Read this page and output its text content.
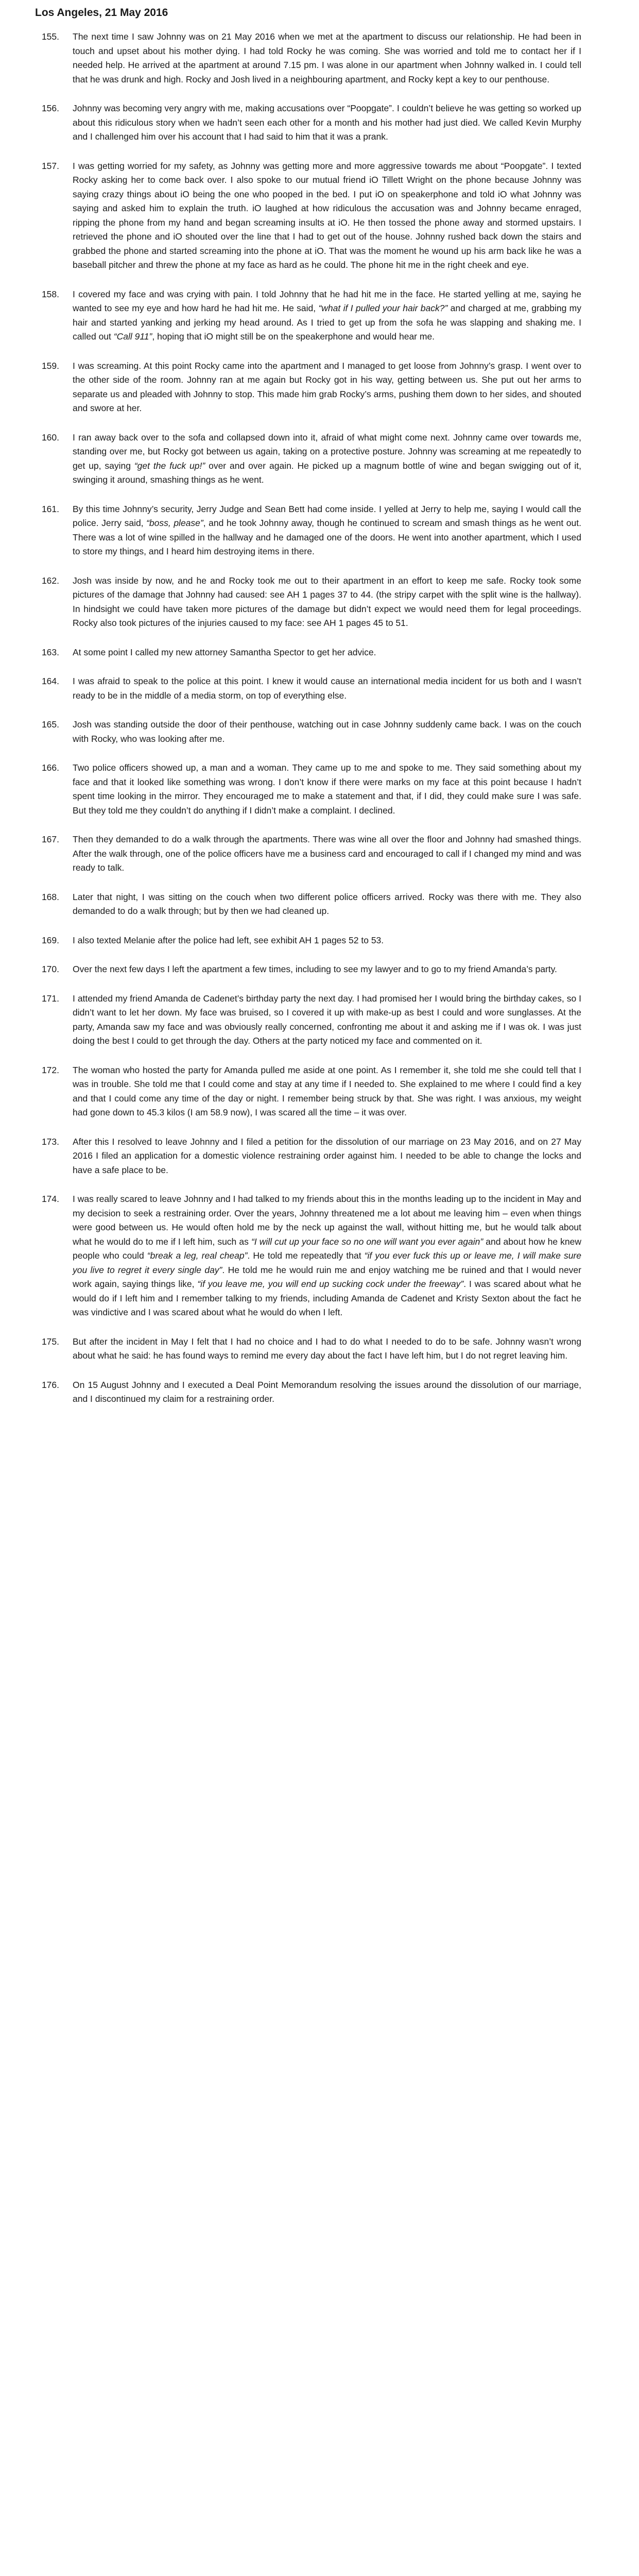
Los Angeles, 21 May 2016
155.	The next time I saw Johnny was on 21 May 2016 when we met at the apartment to discuss our relationship. He had been in touch and upset about his mother dying. I had told Rocky he was coming. She was worried and told me to contact her if I needed help. He arrived at the apartment at around 7.15 pm. I was alone in our apartment when Johnny walked in. I could tell that he was drunk and high. Rocky and Josh lived in a neighbouring apartment, and Rocky kept a key to our penthouse.
156.	Johnny was becoming very angry with me, making accusations over “Poopgate”. I couldn’t believe he was getting so worked up about this ridiculous story when we hadn’t seen each other for a month and his mother had just died. We called Kevin Murphy and I challenged him over his account that I had said to him that it was a prank.
157.	I was getting worried for my safety, as Johnny was getting more and more aggressive towards me about “Poopgate”. I texted Rocky asking her to come back over. I also spoke to our mutual friend iO Tillett Wright on the phone because Johnny was saying crazy things about iO being the one who pooped in the bed. I put iO on speakerphone and told iO what Johnny was saying and asked him to explain the truth. iO laughed at how ridiculous the accusation was and Johnny became enraged, ripping the phone from my hand and began screaming insults at iO. He then tossed the phone away and stormed upstairs. I retrieved the phone and iO shouted over the line that I had to get out of the house. Johnny rushed back down the stairs and grabbed the phone and started screaming into the phone at iO. That was the moment he wound up his arm back like he was a baseball pitcher and threw the phone at my face as hard as he could. The phone hit me in the right cheek and eye.
158.	I covered my face and was crying with pain. I told Johnny that he had hit me in the face. He started yelling at me, saying he wanted to see my eye and how hard he had hit me. He said, “what if I pulled your hair back?” and charged at me, grabbing my hair and started yanking and jerking my head around. As I tried to get up from the sofa he was slapping and shaking me. I called out “Call 911”, hoping that iO might still be on the speakerphone and would hear me.
159.	I was screaming. At this point Rocky came into the apartment and I managed to get loose from Johnny’s grasp. I went over to the other side of the room. Johnny ran at me again but Rocky got in his way, getting between us. She put out her arms to separate us and pleaded with Johnny to stop. This made him grab Rocky’s arms, pushing them down to her sides, and shouted and swore at her.
160.	I ran away back over to the sofa and collapsed down into it, afraid of what might come next. Johnny came over towards me, standing over me, but Rocky got between us again, taking on a protective posture. Johnny was screaming at me repeatedly to get up, saying “get the fuck up!” over and over again. He picked up a magnum bottle of wine and began swigging out of it, swinging it around, smashing things as he went.
161.	By this time Johnny’s security, Jerry Judge and Sean Bett had come inside. I yelled at Jerry to help me, saying I would call the police. Jerry said, “boss, please”, and he took Johnny away, though he continued to scream and smash things as he went out. There was a lot of wine spilled in the hallway and he damaged one of the doors. He went into another apartment, which I used to store my things, and I heard him destroying items in there.
162.	Josh was inside by now, and he and Rocky took me out to their apartment in an effort to keep me safe. Rocky took some pictures of the damage that Johnny had caused: see AH 1 pages 37 to 44. (the stripy carpet with the split wine is the hallway). In hindsight we could have taken more pictures of the damage but didn’t expect we would need them for legal proceedings. Rocky also took pictures of the injuries caused to my face: see AH 1 pages 45 to 51.
163.	At some point I called my new attorney Samantha Spector to get her advice.
164.	I was afraid to speak to the police at this point. I knew it would cause an international media incident for us both and I wasn’t ready to be in the middle of a media storm, on top of everything else.
165.	Josh was standing outside the door of their penthouse, watching out in case Johnny suddenly came back. I was on the couch with Rocky, who was looking after me.
166.	Two police officers showed up, a man and a woman. They came up to me and spoke to me. They said something about my face and that it looked like something was wrong. I don’t know if there were marks on my face at this point because I hadn’t spent time looking in the mirror. They encouraged me to make a statement and that, if I did, they could make sure I was safe. But they told me they couldn’t do anything if I didn’t make a complaint. I declined.
167.	Then they demanded to do a walk through the apartments. There was wine all over the floor and Johnny had smashed things. After the walk through, one of the police officers have me a business card and encouraged to call if I changed my mind and was ready to talk.
168.	Later that night, I was sitting on the couch when two different police officers arrived. Rocky was there with me. They also demanded to do a walk through; but by then we had cleaned up.
169.	I also texted Melanie after the police had left, see exhibit AH 1 pages 52 to 53.
170.	Over the next few days I left the apartment a few times, including to see my lawyer and to go to my friend Amanda’s party.
171.	I attended my friend Amanda de Cadenet’s birthday party the next day. I had promised her I would bring the birthday cakes, so I didn’t want to let her down. My face was bruised, so I covered it up with make-up as best I could and wore sunglasses. At the party, Amanda saw my face and was obviously really concerned, confronting me about it and asking me if I was ok. I was just doing the best I could to get through the day. Others at the party noticed my face and commented on it.
172.	The woman who hosted the party for Amanda pulled me aside at one point. As I remember it, she told me she could tell that I was in trouble. She told me that I could come and stay at any time if I needed to. She explained to me where I could find a key and that I could come any time of the day or night. I remember being struck by that. She was right. I was anxious, my weight had gone down to 45.3 kilos (I am 58.9 now), I was scared all the time – it was over.
173.	After this I resolved to leave Johnny and I filed a petition for the dissolution of our marriage on 23 May 2016, and on 27 May 2016 I filed an application for a domestic violence restraining order against him. I needed to be able to change the locks and have a safe place to be.
174.	I was really scared to leave Johnny and I had talked to my friends about this in the months leading up to the incident in May and my decision to seek a restraining order. Over the years, Johnny threatened me a lot about me leaving him – even when things were good between us. He would often hold me by the neck up against the wall, without hitting me, but he would talk about what he would do to me if I left him, such as “I will cut up your face so no one will want you ever again” and about how he knew people who could “break a leg, real cheap”. He told me repeatedly that “if you ever fuck this up or leave me, I will make sure you live to regret it every single day”. He told me he would ruin me and enjoy watching me be ruined and that I would never work again, saying things like, “if you leave me, you will end up sucking cock under the freeway”. I was scared about what he would do if I left him and I remember talking to my friends, including Amanda de Cadenet and Kristy Sexton about the fact he was vindictive and I was scared about what he would do when I left.
175.	But after the incident in May I felt that I had no choice and I had to do what I needed to do to be safe. Johnny wasn’t wrong about what he said: he has found ways to remind me every day about the fact I have left him, but I do not regret leaving him.
176.	On 15 August Johnny and I executed a Deal Point Memorandum resolving the issues around the dissolution of our marriage, and I discontinued my claim for a restraining order.
